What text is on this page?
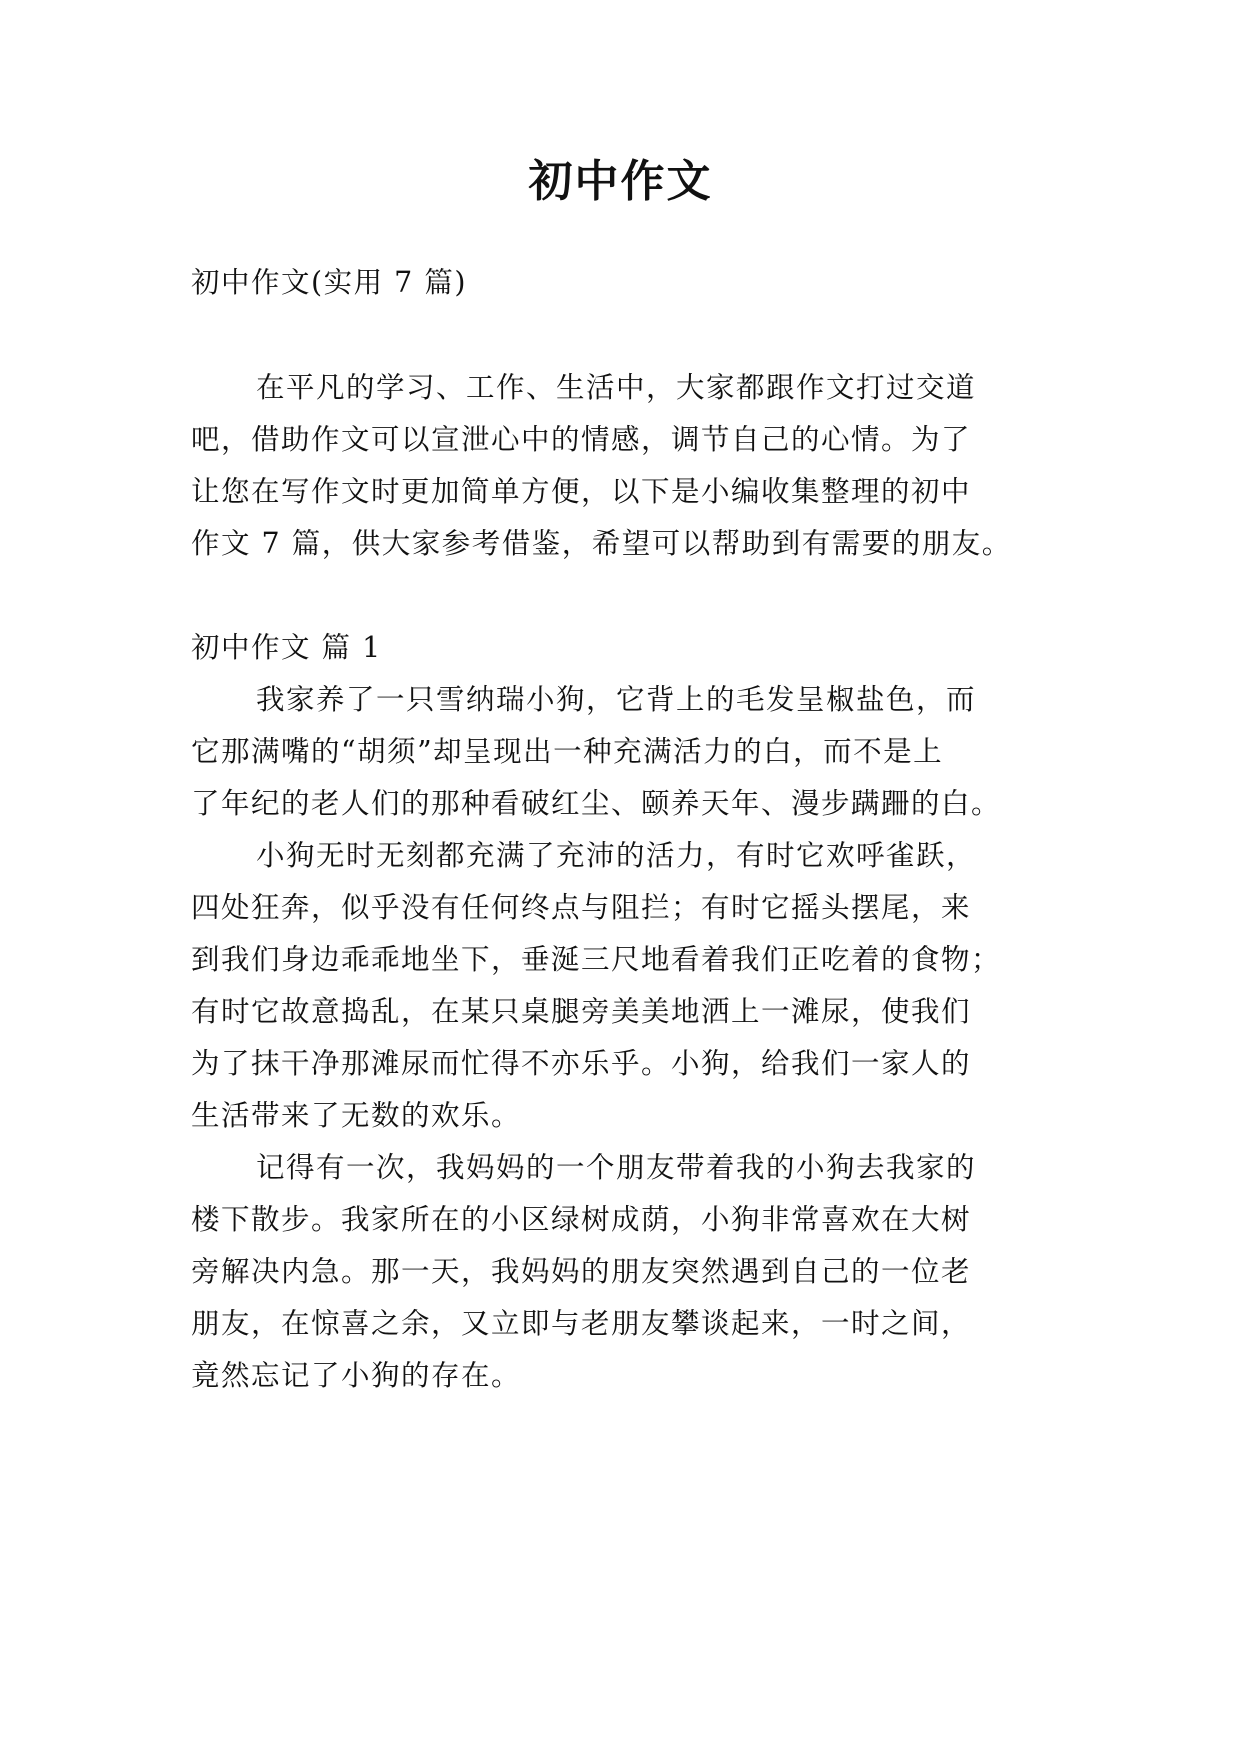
初中作文
初中作文(实用 7 篇)
在平凡的学习、工作、生活中，大家都跟作文打过交道
吧，借助作文可以宣泄心中的情感，调节自己的心情。为了
让您在写作文时更加简单方便，以下是小编收集整理的初中
作文 7 篇，供大家参考借鉴，希望可以帮助到有需要的朋友。
初中作文 篇 1
我家养了一只雪纳瑞小狗，它背上的毛发呈椒盐色，而
它那满嘴的“胡须”却呈现出一种充满活力的白，而不是上
了年纪的老人们的那种看破红尘、颐养天年、漫步蹒跚的白。
小狗无时无刻都充满了充沛的活力，有时它欢呼雀跃，
四处狂奔，似乎没有任何终点与阻拦；有时它摇头摆尾，来
到我们身边乖乖地坐下，垂涎三尺地看着我们正吃着的食物；
有时它故意捣乱，在某只桌腿旁美美地洒上一滩尿，使我们
为了抹干净那滩尿而忙得不亦乐乎。小狗，给我们一家人的
生活带来了无数的欢乐。
记得有一次，我妈妈的一个朋友带着我的小狗去我家的
楼下散步。我家所在的小区绿树成荫，小狗非常喜欢在大树
旁解决内急。那一天，我妈妈的朋友突然遇到自己的一位老
朋友，在惊喜之余，又立即与老朋友攀谈起来，一时之间，
竟然忘记了小狗的存在。
